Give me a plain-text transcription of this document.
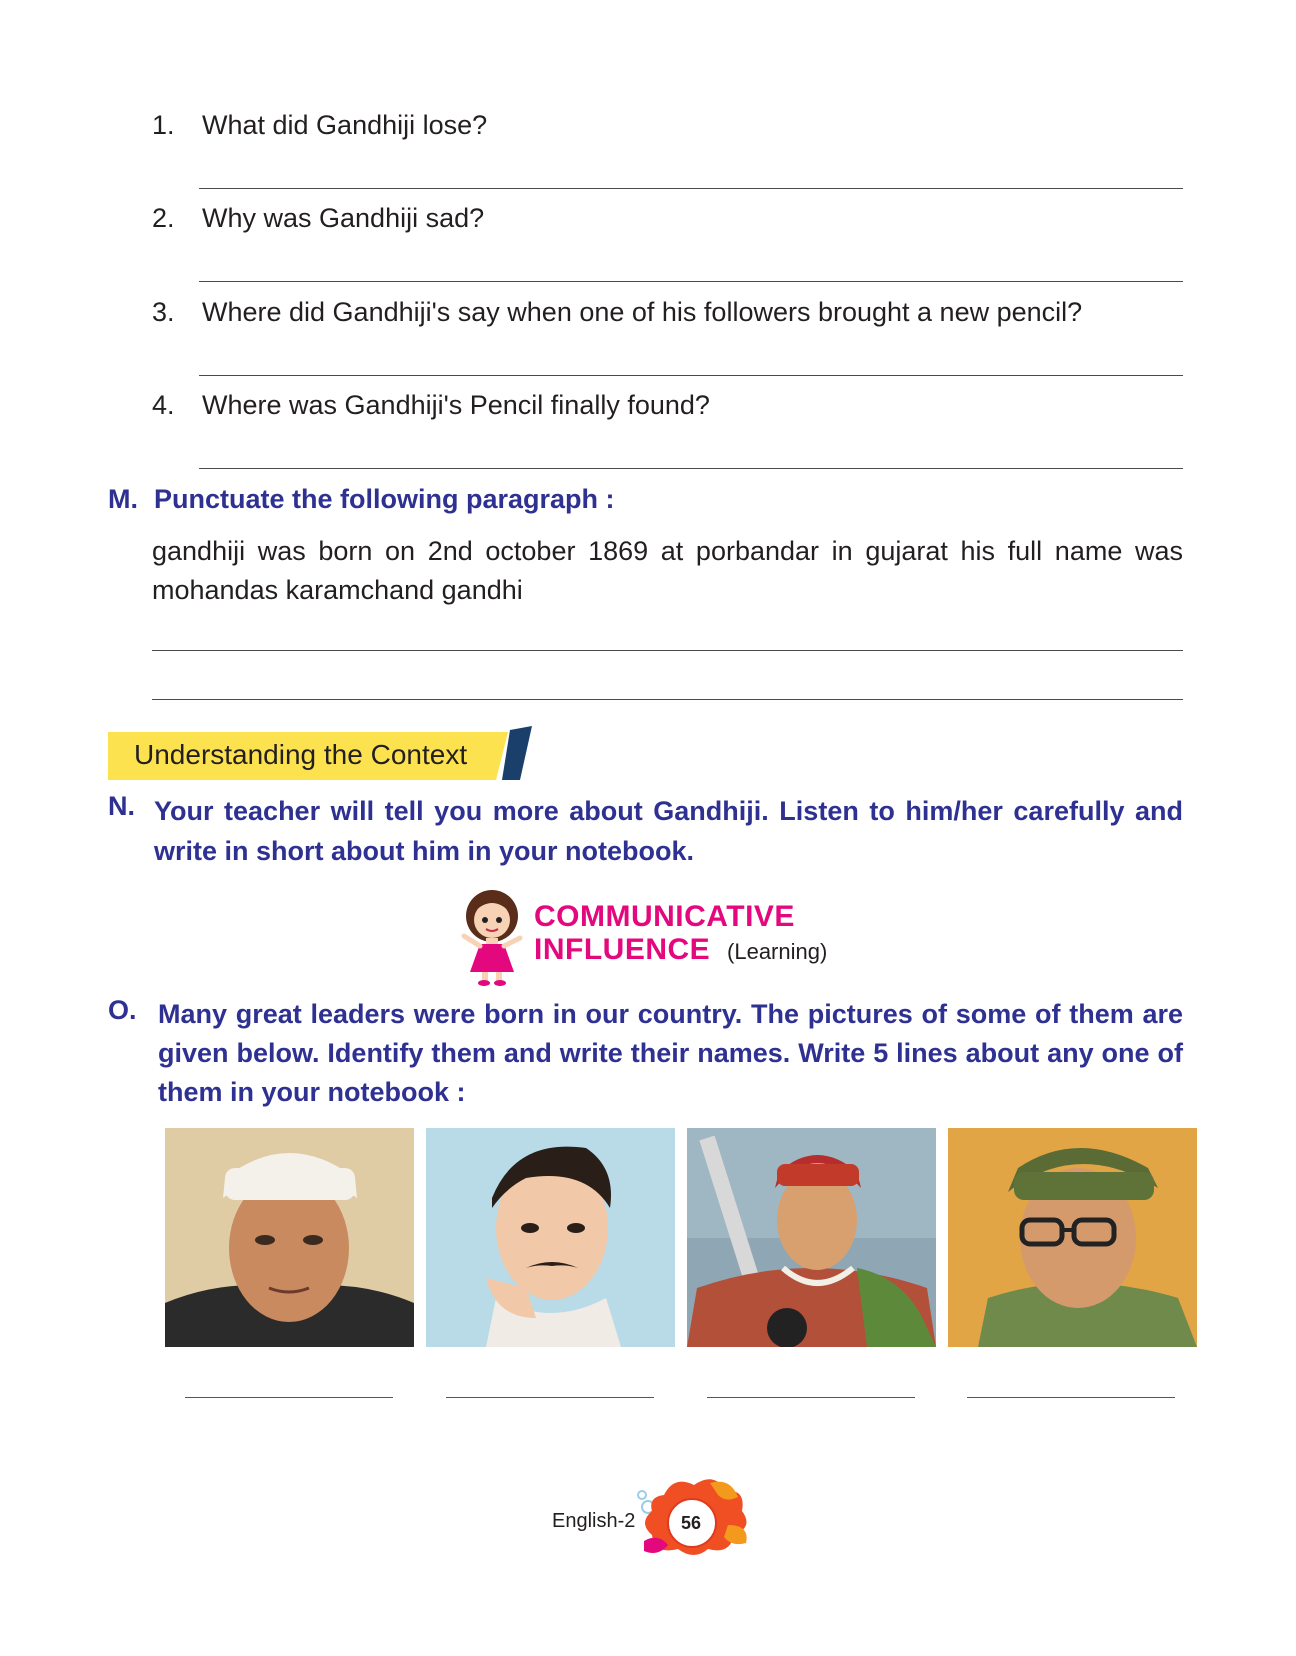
1. What did Gandhiji lose?
2. Why was Gandhiji sad?
3. Where did Gandhiji's say when one of his followers brought a new pencil?
4. Where was Gandhiji's Pencil finally found?
M. Punctuate the following paragraph :
gandhiji was born on 2nd october 1869 at porbandar in gujarat his full name was mohandas karamchand gandhi
Understanding the Context
N. Your teacher will tell you more about Gandhiji. Listen to him/her carefully and write in short about him in your notebook.
COMMUNICATIVE
INFLUENCE (Learning)
O. Many great leaders were born in our country. The pictures of some of them are given below. Identify them and write their names. Write 5 lines about any one of them in your notebook :
English-2	56
